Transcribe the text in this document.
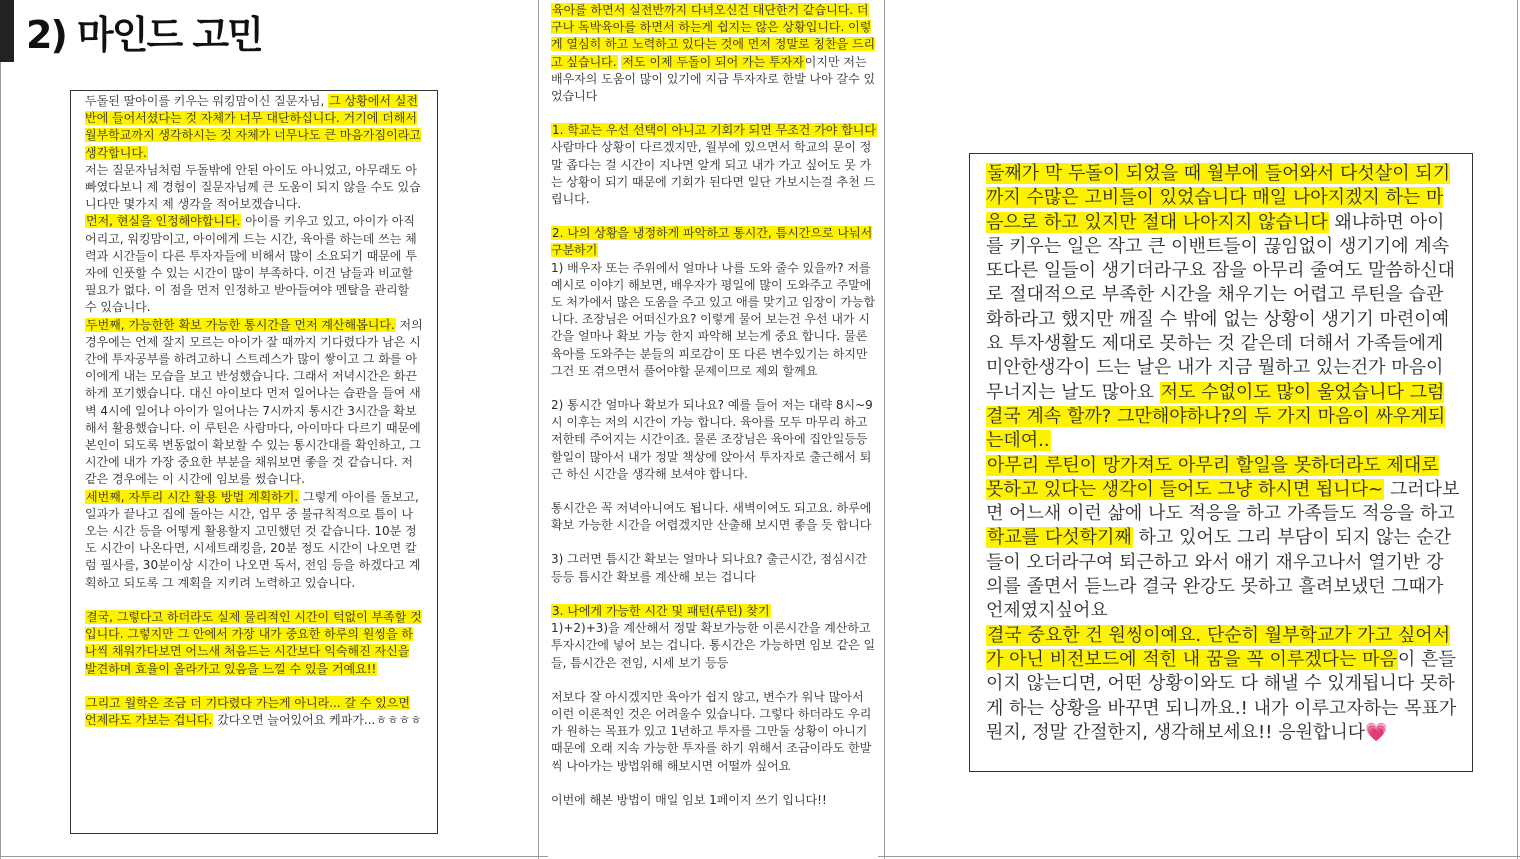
2) 마인드 고민

두돌된 딸아이를 키우는 워킹맘이신 질문자님, 그 상황에서 실전반에 들어서셨다는 것 자체가 너무 대단하십니다. 거기에 더해서 월부학교까지 생각하시는 것 자체가 너무나도 큰 마음가짐이라고 생각합니다.

저는 질문자님처럼 두돌밖에 안된 아이도 아니었고, 아무래도 아빠였다보니 제 경험이 질문자님께 큰 도움이 되지 않을 수도 있습니다만 몇가지 제 생각을 적어보겠습니다.

먼저, 현실을 인정해야합니다. 아이를 키우고 있고, 아이가 아직 어리고, 워킹맘이고, 아이에게 드는 시간, 육아를 하는데 쓰는 체력과 시간들이 다른 투자자들에 비해서 많이 소요되기 때문에 투자에 인풋할 수 있는 시간이 많이 부족하다. 이건 남들과 비교할 필요가 없다. 이 점을 먼저 인정하고 받아들여야 멘탈을 관리할 수 있습니다.

두번째, 가능한한 확보 가능한 통시간을 먼저 계산해봅니다. 저의 경우에는 언제 잘지 모르는 아이가 잘 때까지 기다렸다가 남은 시간에 투자공부를 하려고하니 스트레스가 많이 쌓이고 그 화를 아이에게 내는 모습을 보고 반성했습니다. 그래서 저녁시간은 화끈하게 포기했습니다. 대신 아이보다 먼저 일어나는 습관을 들여 새벽 4시에 일어나 아이가 일어나는 7시까지 통시간 3시간을 확보해서 활용했습니다. 이 루틴은 사람마다, 아이마다 다르기 때문에 본인이 되도록 변동없이 확보할 수 있는 통시간대를 확인하고, 그 시간에 내가 가장 중요한 부분을 채워보면 좋을 것 같습니다. 저 같은 경우에는 이 시간에 임보를 썼습니다.

세번째, 자투리 시간 활용 방법 계획하기. 그렇게 아이를 돌보고, 일과가 끝나고 집에 돌아는 시간, 업무 중 불규칙적으로 틈이 나오는 시간 등을 어떻게 활용할지 고민했던 것 같습니다. 10분 정도 시간이 나온다면, 시세트래킹을, 20분 정도 시간이 나오면 칼럼 필사를, 30분이상 시간이 나오면 독서, 전임 등을 하겠다고 계획하고 되도록 그 계획을 지키려 노력하고 있습니다.

결국, 그렇다고 하더라도 실제 물리적인 시간이 턱없이 부족할 것입니다. 그렇지만 그 안에서 가장 내가 중요한 하루의 원씽을 하나씩 채워가다보면 어느새 처음드는 시간보다 익숙해진 자신을 발견하며 효율이 올라가고 있음을 느낄 수 있을 거예요!!

그리고 월학은 조금 더 기다렸다 가는게 아니라... 갈 수 있으면 언제라도 가보는 겁니다. 갔다오면 늘어있어요 케파가...ㅎㅎㅎㅎ

육아를 하면서 실전반까지 다녀오신건 대단한거 같습니다. 더구나 독박육아를 하면서 하는게 쉽지는 않은 상황입니다. 이렇게 열심히 하고 노력하고 있다는 것에 먼저 정말로 칭찬을 드리고 싶습니다. 저도 이제 두돌이 되어 가는 투자자이지만 저는 배우자의 도움이 많이 있기에 지금 투자자로 한발 나아 갈수 있었습니다

1. 학교는 우선 선택이 아니고 기회가 되면 무조건 가야 합니다

사람마다 상황이 다르겠지만, 월부에 있으면서 학교의 문이 정말 좁다는 걸 시간이 지나면 알게 되고 내가 가고 싶어도 못 가는 상황이 되기 때문에 기회가 된다면 일단 가보시는걸 추천 드립니다.

2. 나의 상황을 냉정하게 파악하고 통시간, 틈시간으로 나눠서 구분하기

1) 배우자 또는 주위에서 얼마나 나를 도와 줄수 있을까? 저를 예시로 이야기 해보면, 배우자가 평일에 많이 도와주고 주말에도 처가에서 많은 도움을 주고 있고 애를 맞기고 임장이 가능합니다. 조장님은 어떠신가요? 이렇게 물어 보는건 우선 내가 시간을 얼마나 확보 가능 한지 파악해 보는게 중요 합니다. 물론 육아를 도와주는 분들의 피로감이 또 다른 변수있기는 하지만 그건 또 겪으면서 풀어야할 문제이므로 제외 할께요

2) 통시간 얼마나 확보가 되나요? 예를 들어 저는 대략 8시~9시 이후는 저의 시간이 가능 합니다. 육아를 모두 마무리 하고 저한테 주어지는 시간이죠. 물론 조장님은 육아에 집안일등등 할일이 많아서 내가 정말 책상에 앉아서 투자자로 출근해서 퇴근 하신 시간을 생각해 보셔야 합니다.

통시간은 꼭 저녁아니여도 됩니다. 새벽이여도 되고요. 하루에 확보 가능한 시간을 어렵겠지만 산출해 보시면 좋을 듯 합니다

3) 그러면 틈시간 확보는 얼마나 되나요? 출근시간, 점심시간 등등 틈시간 확보를 계산해 보는 겁니다

3. 나에게 가능한 시간 및 패턴(루틴) 찾기

1)+2)+3)을 계산해서 정말 확보가능한 이론시간을 계산하고 투자시간에 넣어 보는 겁니다. 통시간은 가능하면 임보 같은 일들, 틈시간은 전임, 시세 보기 등등

저보다 잘 아시겠지만 육아가 쉽지 않고, 변수가 워낙 많아서 이런 이론적인 것은 어려울수 있습니다. 그렇다 하더라도 우리가 원하는 목표가 있고 1년하고 투자를 그만둘 상황이 아니기 때문에 오래 지속 가능한 투자를 하기 위해서 조금이라도 한발씩 나아가는 방법위해 해보시면 어떨까 싶어요

이번에 해본 방법이 매일 임보 1페이지 쓰기 입니다!!

둘째가 막 두돌이 되었을 때 월부에 들어와서 다섯살이 되기까지 수많은 고비들이 있었습니다 매일 나아지겠지 하는 마음으로 하고 있지만 절대 나아지지 않습니다 왜냐하면 아이를 키우는 일은 작고 큰 이밴트들이 끊임없이 생기기에 계속 또다른 일들이 생기더라구요 잠을 아무리 줄여도 말씀하신대로 절대적으로 부족한 시간을 채우기는 어렵고 루틴을 습관화하라고 했지만 깨질 수 밖에 없는 상황이 생기기 마련이예요 투자생활도 제대로 못하는 것 같은데 더해서 가족들에게 미안한생각이 드는 날은 내가 지금 뭘하고 있는건가 마음이 무너지는 날도 많아요 저도 수없이도 많이 울었습니다 그럼 결국 계속 할까? 그만해야하나?의 두 가지 마음이 싸우게되는데여..

아무리 루틴이 망가져도 아무리 할일을 못하더라도 제대로 못하고 있다는 생각이 들어도 그냥 하시면 됩니다~ 그러다보면 어느새 이런 삶에 나도 적응을 하고 가족들도 적응을 하고 학교를 다섯학기째 하고 있어도 그리 부담이 되지 않는 순간들이 오더라구여 퇴근하고 와서 애기 재우고나서 열기반 강의를 졸면서 듣느라 결국 완강도 못하고 흘려보냈던 그때가 언제였지싶어요

결국 중요한 건 원씽이예요. 단순히 월부학교가 가고 싶어서가 아닌 비전보드에 적힌 내 꿈을 꼭 이루겠다는 마음이 흔들이지 않는디면, 어떤 상황이와도 다 해낼 수 있게됩니다 못하게 하는 상황을 바꾸면 되니까요.! 내가 이루고자하는 목표가 뭔지, 정말 간절한지, 생각해보세요!! 응원합니다💗
